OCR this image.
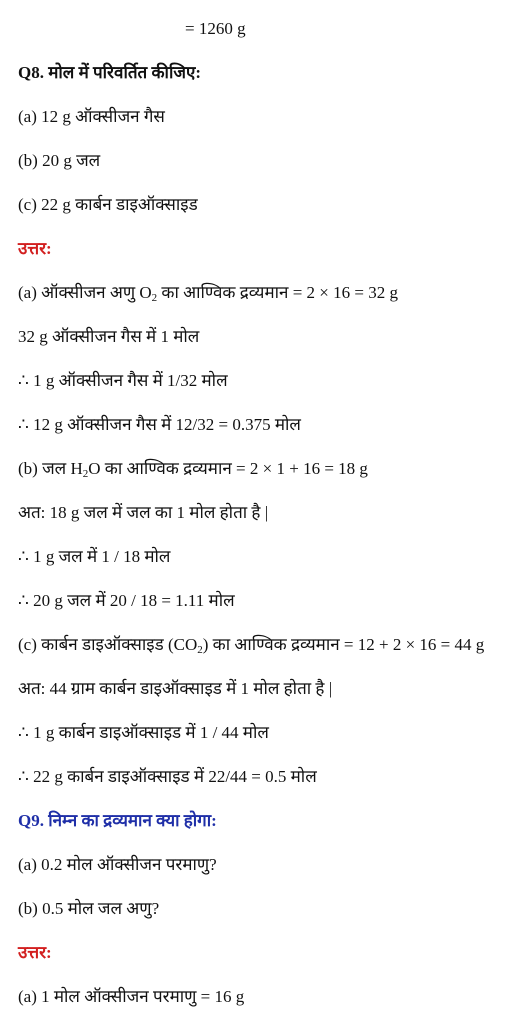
= 1260 g
Q8. मोल में परिवर्तित कीजिए:
(a) 12 g ऑक्सीजन गैस
(b) 20 g जल
(c) 22 g कार्बन डाइऑक्साइड
उत्तर:
(a) ऑक्सीजन अणु $O_2$ का आण्विक द्रव्यमान = 2 × 16 = 32 g
32 g ऑक्सीजन गैस में 1 मोल
∴ 1 g ऑक्सीजन गैस में 1/32 मोल
∴ 12 g ऑक्सीजन गैस में 12/32 = 0.375 मोल
(b) जल $H_2O$ का आण्विक द्रव्यमान = 2 × 1 + 16 = 18 g
अत: 18 g जल में जल का 1 मोल होता है |
∴ 1 g जल में 1 / 18 मोल
∴ 20 g जल में 20 / 18 = 1.11 मोल
(c) कार्बन डाइऑक्साइड $(CO_2)$ का आण्विक द्रव्यमान = 12 + 2 × 16 = 44 g
अत: 44 ग्राम कार्बन डाइऑक्साइड में 1 मोल होता है |
∴ 1 g कार्बन डाइऑक्साइड में 1 / 44 मोल
∴ 22 g कार्बन डाइऑक्साइड में 22/44 = 0.5 मोल
Q9. निम्न का द्रव्यमान क्या होगा:
(a) 0.2 मोल ऑक्सीजन परमाणु?
(b) 0.5 मोल जल अणु?
उत्तर:
(a) 1 मोल ऑक्सीजन परमाणु = 16 g
